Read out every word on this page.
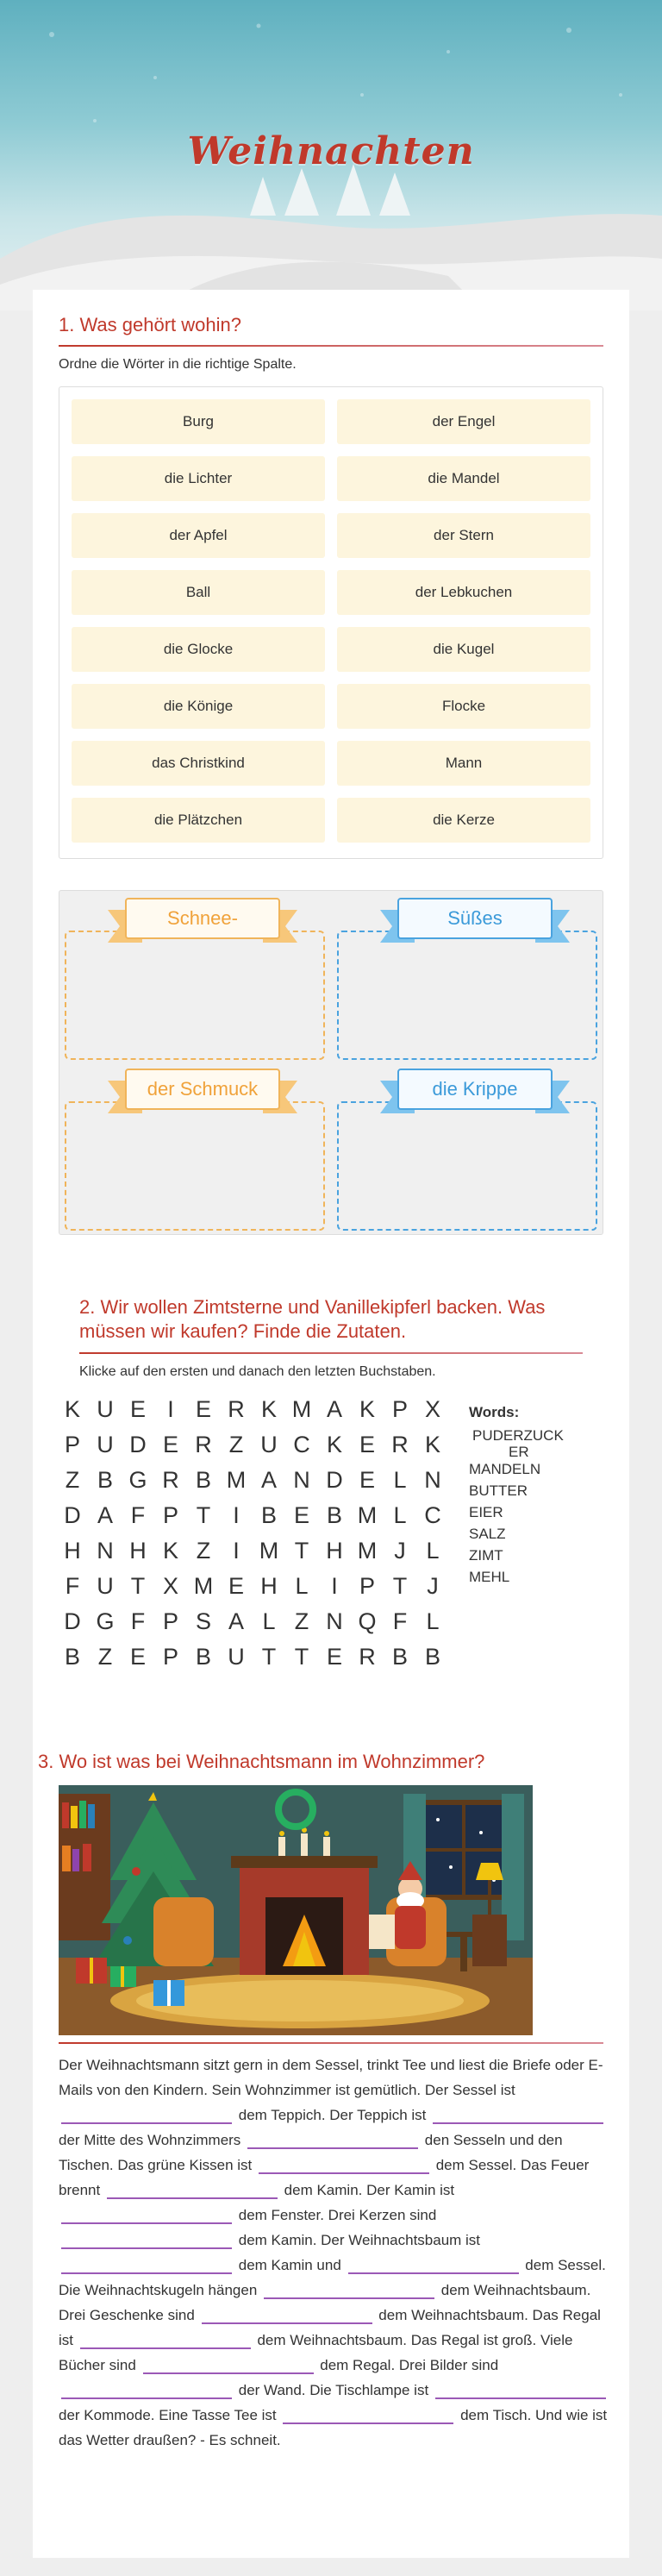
Weihnachten
1. Was gehört wohin?
Ordne die Wörter in die richtige Spalte.
Burg	der Engel
die Lichter	die Mandel
der Apfel	der Stern
Ball	der Lebkuchen
die Glocke	die Kugel
die Könige	Flocke
das Christkind	Mann
die Plätzchen	die Kerze
Schnee-	Süßes
der Schmuck	die Krippe
2. Wir wollen Zimtsterne und Vanillekipferl backen. Was
müssen wir kaufen? Finde die Zutaten.
Klicke auf den ersten und danach den letzten Buchstaben.
K U E I E R K M A K P X
P U D E R Z U C K E R K
Z B G R B M A N D E L N
D A F P T I B E B M L C
H N H K Z I M T H M J L
F U T X M E H L I P T J
D G F P S A L Z N Q F L
B Z E P B U T T E R B B
Words:
PUDERZUCK
ER
MANDELN
BUTTER
EIER
SALZ
ZIMT
MEHL
3. Wo ist was bei Weihnachtsmann im Wohnzimmer?
Der Weihnachtsmann sitzt gern in dem Sessel, trinkt Tee und liest die Briefe oder E-Mails von den Kindern. Sein Wohnzimmer ist gemütlich. Der Sessel ist  dem Teppich. Der Teppich ist  der Mitte des Wohnzimmers	den Sesseln und den Tischen. Das grüne Kissen ist	dem Sessel. Das Feuer brennt	dem Kamin. Der Kamin ist  dem Fenster. Drei Kerzen sind  dem Kamin. Der Weihnachtsbaum ist  dem Kamin und	dem Sessel. Die Weihnachtskugeln hängen	dem Weihnachtsbaum. Drei Geschenke sind	dem Weihnachtsbaum. Das Regal ist	dem Weihnachtsbaum. Das Regal ist groß. Viele Bücher sind	dem Regal. Drei Bilder sind  der Wand. Die Tischlampe ist  der Kommode. Eine Tasse Tee ist	dem Tisch. Und wie ist das Wetter draußen? - Es schneit.
